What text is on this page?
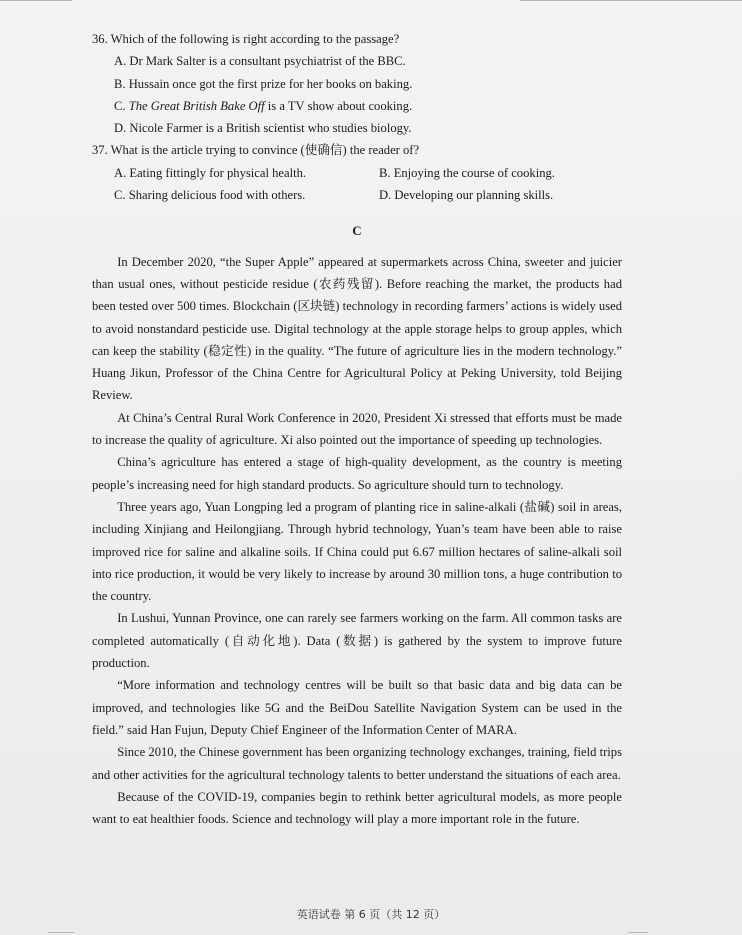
36. Which of the following is right according to the passage?

A. Dr Mark Salter is a consultant psychiatrist of the BBC.

B. Hussain once got the first prize for her books on baking.

C. The Great British Bake Off is a TV show about cooking.

D. Nicole Farmer is a British scientist who studies biology.

37. What is the article trying to convince (使确信) the reader of?

A. Eating fittingly for physical health.	B. Enjoying the course of cooking.
C. Sharing delicious food with others.	D. Developing our planning skills.
C

In December 2020, “the Super Apple” appeared at supermarkets across China, sweeter and juicier than usual ones, without pesticide residue (农药残留). Before reaching the market, the products had been tested over 500 times. Blockchain (区块链) technology in recording farmers’ actions is widely used to avoid nonstandard pesticide use. Digital technology at the apple storage helps to group apples, which can keep the stability (稳定性) in the quality. “The future of agriculture lies in the modern technology.” Huang Jikun, Professor of the China Centre for Agricultural Policy at Peking University, told Beijing Review.

At China’s Central Rural Work Conference in 2020, President Xi stressed that efforts must be made to increase the quality of agriculture. Xi also pointed out the importance of speeding up technologies.

China’s agriculture has entered a stage of high-quality development, as the country is meeting people’s increasing need for high standard products. So agriculture should turn to technology.

Three years ago, Yuan Longping led a program of planting rice in saline-alkali (盐碱) soil in areas, including Xinjiang and Heilongjiang. Through hybrid technology, Yuan’s team have been able to raise improved rice for saline and alkaline soils. If China could put 6.67 million hectares of saline-alkali soil into rice production, it would be very likely to increase by around 30 million tons, a huge contribution to the country.

In Lushui, Yunnan Province, one can rarely see farmers working on the farm. All common tasks are completed automatically (自动化地). Data (数据) is gathered by the system to improve future production.

“More information and technology centres will be built so that basic data and big data can be improved, and technologies like 5G and the BeiDou Satellite Navigation System can be used in the field.” said Han Fujun, Deputy Chief Engineer of the Information Center of MARA.

Since 2010, the Chinese government has been organizing technology exchanges, training, field trips and other activities for the agricultural technology talents to better understand the situations of each area.

Because of the COVID-19, companies begin to rethink better agricultural models, as more people want to eat healthier foods. Science and technology will play a more important role in the future.

英语试卷 第 6 页（共 12 页）
